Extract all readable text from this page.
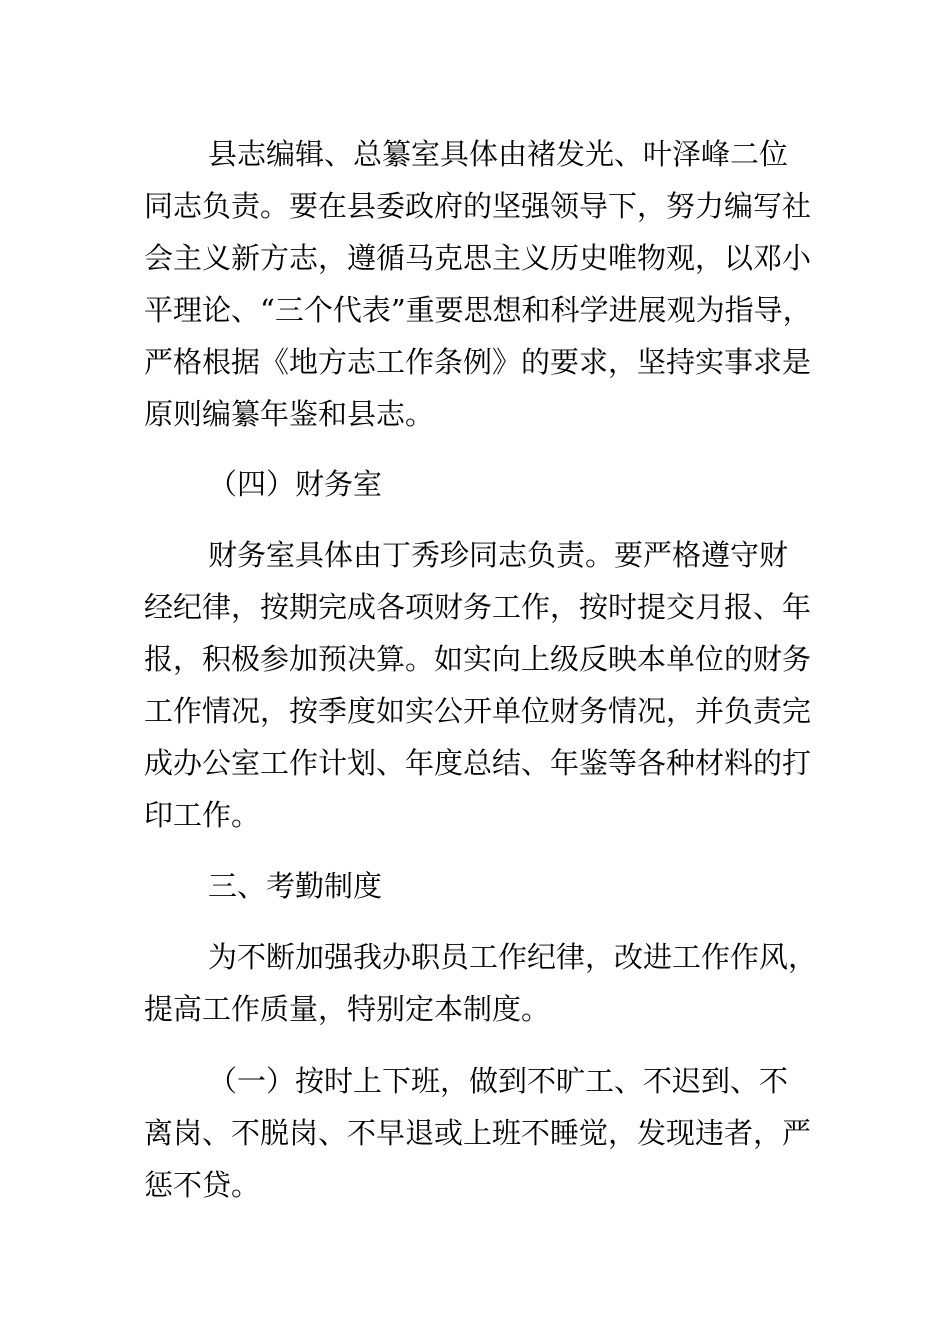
县志编辑、总纂室具体由褚发光、叶泽峰二位
同志负责。要在县委政府的坚强领导下，努力编写社
会主义新方志，遵循马克思主义历史唯物观，以邓小
平理论、“三个代表”重要思想和科学进展观为指导，
严格根据《地方志工作条例》的要求，坚持实事求是
原则编纂年鉴和县志。
（四）财务室
财务室具体由丁秀珍同志负责。要严格遵守财
经纪律，按期完成各项财务工作，按时提交月报、年
报，积极参加预决算。如实向上级反映本单位的财务
工作情况，按季度如实公开单位财务情况，并负责完
成办公室工作计划、年度总结、年鉴等各种材料的打
印工作。
三、考勤制度
为不断加强我办职员工作纪律，改进工作作风，
提高工作质量，特别定本制度。
（一）按时上下班，做到不旷工、不迟到、不
离岗、不脱岗、不早退或上班不睡觉，发现违者，严
惩不贷。
